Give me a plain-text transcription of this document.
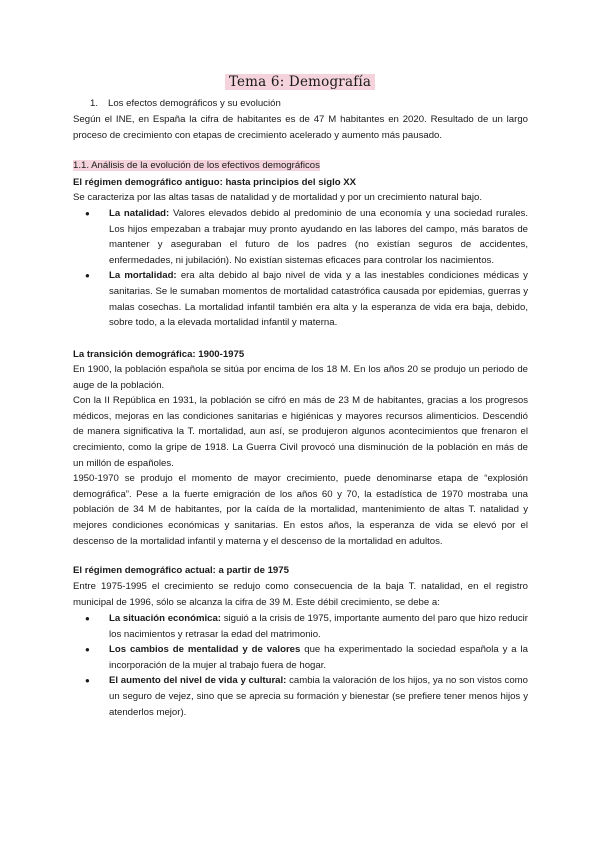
Tema 6: Demografía
1. Los efectos demográficos y su evolución
Según el INE, en España la cifra de habitantes es de 47 M habitantes en 2020. Resultado de un largo proceso de crecimiento con etapas de crecimiento acelerado y aumento más pausado.
1.1. Análisis de la evolución de los efectivos demográficos
El régimen demográfico antiguo: hasta principios del siglo XX
Se caracteriza por las altas tasas de natalidad y de mortalidad y por un crecimiento natural bajo.
● La natalidad: Valores elevados debido al predominio de una economía y una sociedad rurales. Los hijos empezaban a trabajar muy pronto ayudando en las labores del campo, más baratos de mantener y aseguraban el futuro de los padres (no existían seguros de accidentes, enfermedades, ni jubilación). No existían sistemas eficaces para controlar los nacimientos.
● La mortalidad: era alta debido al bajo nivel de vida y a las inestables condiciones médicas y sanitarias. Se le sumaban momentos de mortalidad catastrófica causada por epidemias, guerras y malas cosechas. La mortalidad infantil también era alta y la esperanza de vida era baja, debido, sobre todo, a la elevada mortalidad infantil y materna.
La transición demográfica: 1900-1975
En 1900, la población española se sitúa por encima de los 18 M. En los años 20 se produjo un periodo de auge de la población.
Con la II República en 1931, la población se cifró en más de 23 M de habitantes, gracias a los progresos médicos, mejoras en las condiciones sanitarias e higiénicas y mayores recursos alimenticios. Descendió de manera significativa la T. mortalidad, aun así, se produjeron algunos acontecimientos que frenaron el crecimiento, como la gripe de 1918. La Guerra Civil provocó una disminución de la población en más de un millón de españoles.
1950-1970 se produjo el momento de mayor crecimiento, puede denominarse etapa de “explosión demográfica”. Pese a la fuerte emigración de los años 60 y 70, la estadística de 1970 mostraba una población de 34 M de habitantes, por la caída de la mortalidad, mantenimiento de altas T. natalidad y mejores condiciones económicas y sanitarias. En estos años, la esperanza de vida se elevó por el descenso de la mortalidad infantil y materna y el descenso de la mortalidad en adultos.
El régimen demográfico actual: a partir de 1975
Entre 1975-1995 el crecimiento se redujo como consecuencia de la baja T. natalidad, en el registro municipal de 1996, sólo se alcanza la cifra de 39 M. Este débil crecimiento, se debe a:
● La situación económica: siguió a la crisis de 1975, importante aumento del paro que hizo reducir los nacimientos y retrasar la edad del matrimonio.
● Los cambios de mentalidad y de valores que ha experimentado la sociedad española y a la incorporación de la mujer al trabajo fuera de hogar.
● El aumento del nivel de vida y cultural: cambia la valoración de los hijos, ya no son vistos como un seguro de vejez, sino que se aprecia su formación y bienestar (se prefiere tener menos hijos y atenderlos mejor).
